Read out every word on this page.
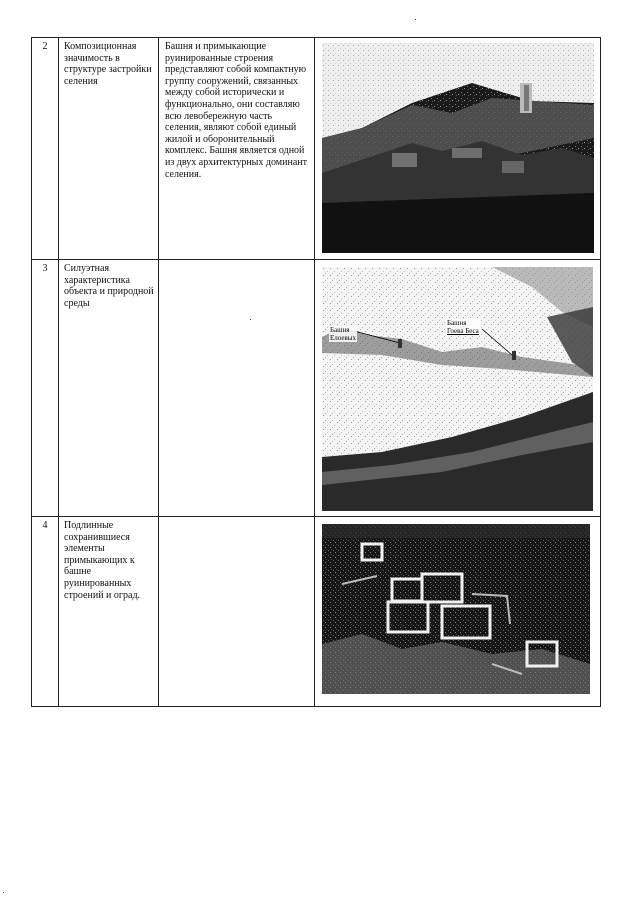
2	Композиционная значимость в структуре застройки селения	Башня и примыкающие руинированные строения представляют собой компактную группу сооружений, связанных между собой исторически и функционально, они составляю всю левобережную часть селения, являют собой единый жилой и оборонительный комплекс. Башня является одной из двух архитектурных доминант селения.	

3	Силуэтная характеристика объекта и природной среды		Башня
Елоевых
Башня
Гоева Беса

4	Подлинные сохранившиеся элементы примыкающих к башне руинированных строений и оград.		
